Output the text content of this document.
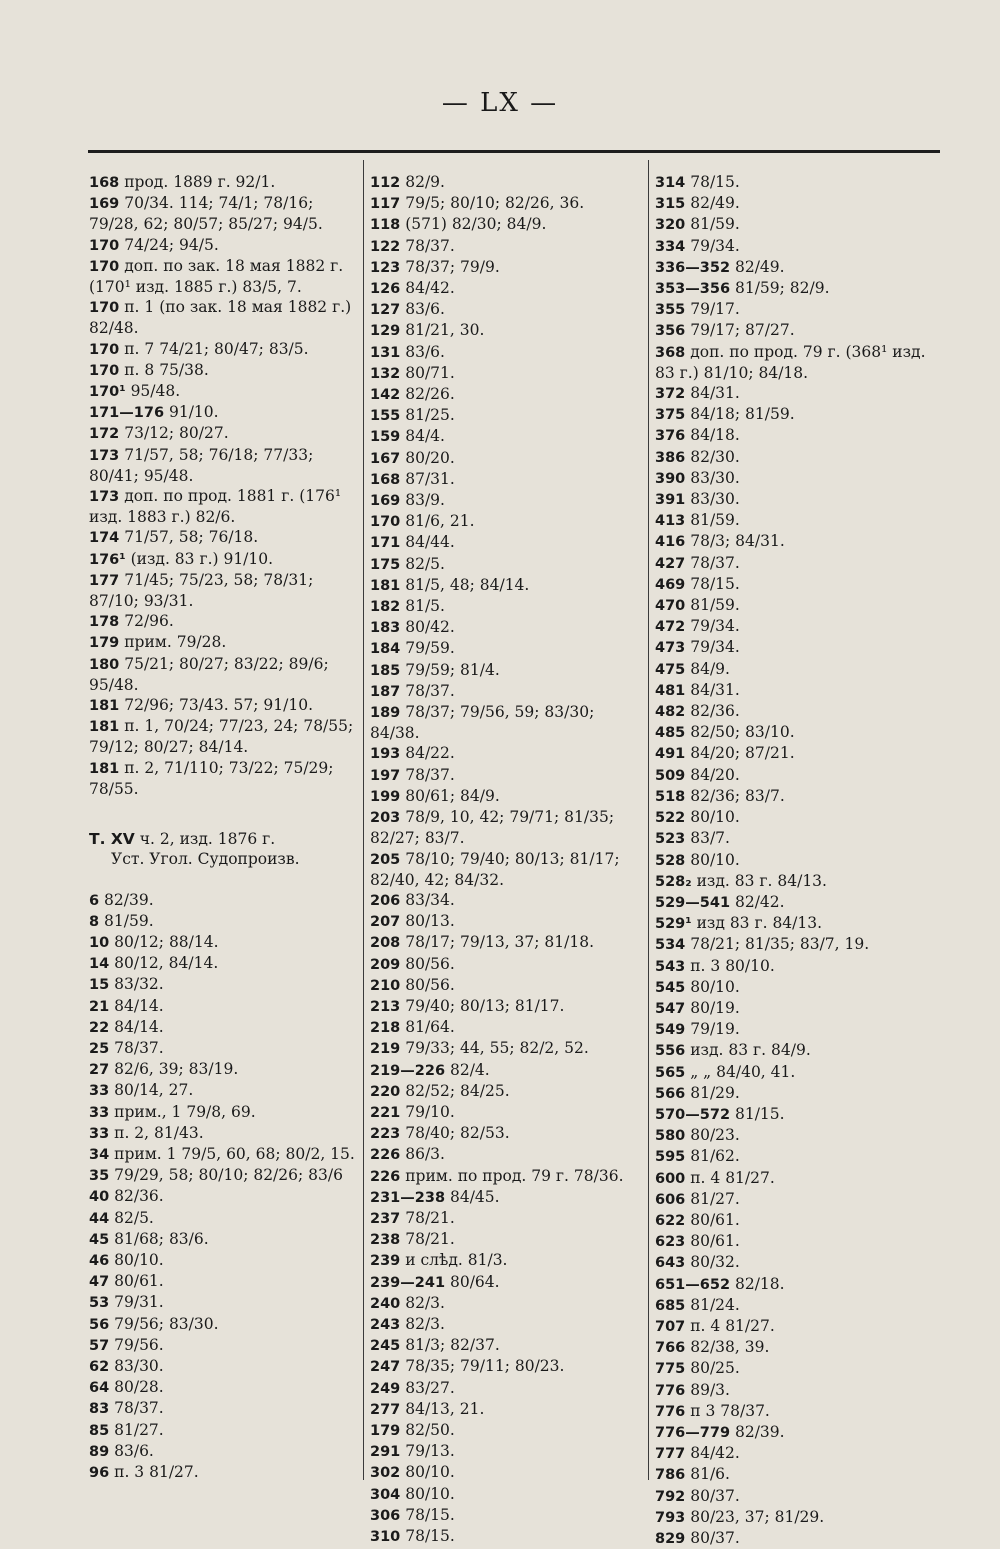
— LX —

168 прод. 1889 г. 92/1.

169 70/34. 114; 74/1; 78/16; 79/28, 62; 80/57; 85/27; 94/5.

170 74/24; 94/5.

170 доп. по зак. 18 мая 1882 г. (170¹ изд. 1885 г.) 83/5, 7.

170 п. 1 (по зак. 18 мая 1882 г.) 82/48.

170 п. 7 74/21; 80/47; 83/5.

170 п. 8 75/38.

170¹ 95/48.

171—176 91/10.

172 73/12; 80/27.

173 71/57, 58; 76/18; 77/33; 80/41; 95/48.

173 доп. по прод. 1881 г. (176¹ изд. 1883 г.) 82/6.

174 71/57, 58; 76/18.

176¹ (изд. 83 г.) 91/10.

177 71/45; 75/23, 58; 78/31; 87/10; 93/31.

178 72/96.

179 прим. 79/28.

180 75/21; 80/27; 83/22; 89/6; 95/48.

181 72/96; 73/43. 57; 91/10.

181 п. 1, 70/24; 77/23, 24; 78/55; 79/12; 80/27; 84/14.

181 п. 2, 71/110; 73/22; 75/29; 78/55.

Т. XV ч. 2, изд. 1876 г.
Уст. Угол. Судопроизв.

6 82/39.

8 81/59.

10 80/12; 88/14.

14 80/12, 84/14.

15 83/32.

21 84/14.

22 84/14.

25 78/37.

27 82/6, 39; 83/19.

33 80/14, 27.

33 прим., 1 79/8, 69.

33 п. 2, 81/43.

34 прим. 1 79/5, 60, 68; 80/2, 15.

35 79/29, 58; 80/10; 82/26; 83/6

40 82/36.

44 82/5.

45 81/68; 83/6.

46 80/10.

47 80/61.

53 79/31.

56 79/56; 83/30.

57 79/56.

62 83/30.

64 80/28.

83 78/37.

85 81/27.

89 83/6.

96 п. 3 81/27.

112 82/9.

117 79/5; 80/10; 82/26, 36.

118 (571) 82/30; 84/9.

122 78/37.

123 78/37; 79/9.

126 84/42.

127 83/6.

129 81/21, 30.

131 83/6.

132 80/71.

142 82/26.

155 81/25.

159 84/4.

167 80/20.

168 87/31.

169 83/9.

170 81/6, 21.

171 84/44.

175 82/5.

181 81/5, 48; 84/14.

182 81/5.

183 80/42.

184 79/59.

185 79/59; 81/4.

187 78/37.

189 78/37; 79/56, 59; 83/30; 84/38.

193 84/22.

197 78/37.

199 80/61; 84/9.

203 78/9, 10, 42; 79/71; 81/35; 82/27; 83/7.

205 78/10; 79/40; 80/13; 81/17; 82/40, 42; 84/32.

206 83/34.

207 80/13.

208 78/17; 79/13, 37; 81/18.

209 80/56.

210 80/56.

213 79/40; 80/13; 81/17.

218 81/64.

219 79/33; 44, 55; 82/2, 52.

219—226 82/4.

220 82/52; 84/25.

221 79/10.

223 78/40; 82/53.

226 86/3.

226 прим. по прод. 79 г. 78/36.

231—238 84/45.

237 78/21.

238 78/21.

239 и слѣд. 81/3.

239—241 80/64.

240 82/3.

243 82/3.

245 81/3; 82/37.

247 78/35; 79/11; 80/23.

249 83/27.

277 84/13, 21.

179 82/50.

291 79/13.

302 80/10.

304 80/10.

306 78/15.

310 78/15.

314 78/15.

315 82/49.

320 81/59.

334 79/34.

336—352 82/49.

353—356 81/59; 82/9.

355 79/17.

356 79/17; 87/27.

368 доп. по прод. 79 г. (368¹ изд. 83 г.) 81/10; 84/18.

372 84/31.

375 84/18; 81/59.

376 84/18.

386 82/30.

390 83/30.

391 83/30.

413 81/59.

416 78/3; 84/31.

427 78/37.

469 78/15.

470 81/59.

472 79/34.

473 79/34.

475 84/9.

481 84/31.

482 82/36.

485 82/50; 83/10.

491 84/20; 87/21.

509 84/20.

518 82/36; 83/7.

522 80/10.

523 83/7.

528 80/10.

528₂ изд. 83 г. 84/13.

529—541 82/42.

529¹ изд 83 г. 84/13.

534 78/21; 81/35; 83/7, 19.

543 п. 3 80/10.

545 80/10.

547 80/19.

549 79/19.

556 изд. 83 г. 84/9.

565 „ „ 84/40, 41.

566 81/29.

570—572 81/15.

580 80/23.

595 81/62.

600 п. 4 81/27.

606 81/27.

622 80/61.

623 80/61.

643 80/32.

651—652 82/18.

685 81/24.

707 п. 4 81/27.

766 82/38, 39.

775 80/25.

776 89/3.

776 п 3 78/37.

776—779 82/39.

777 84/42.

786 81/6.

792 80/37.

793 80/23, 37; 81/29.

829 80/37.
